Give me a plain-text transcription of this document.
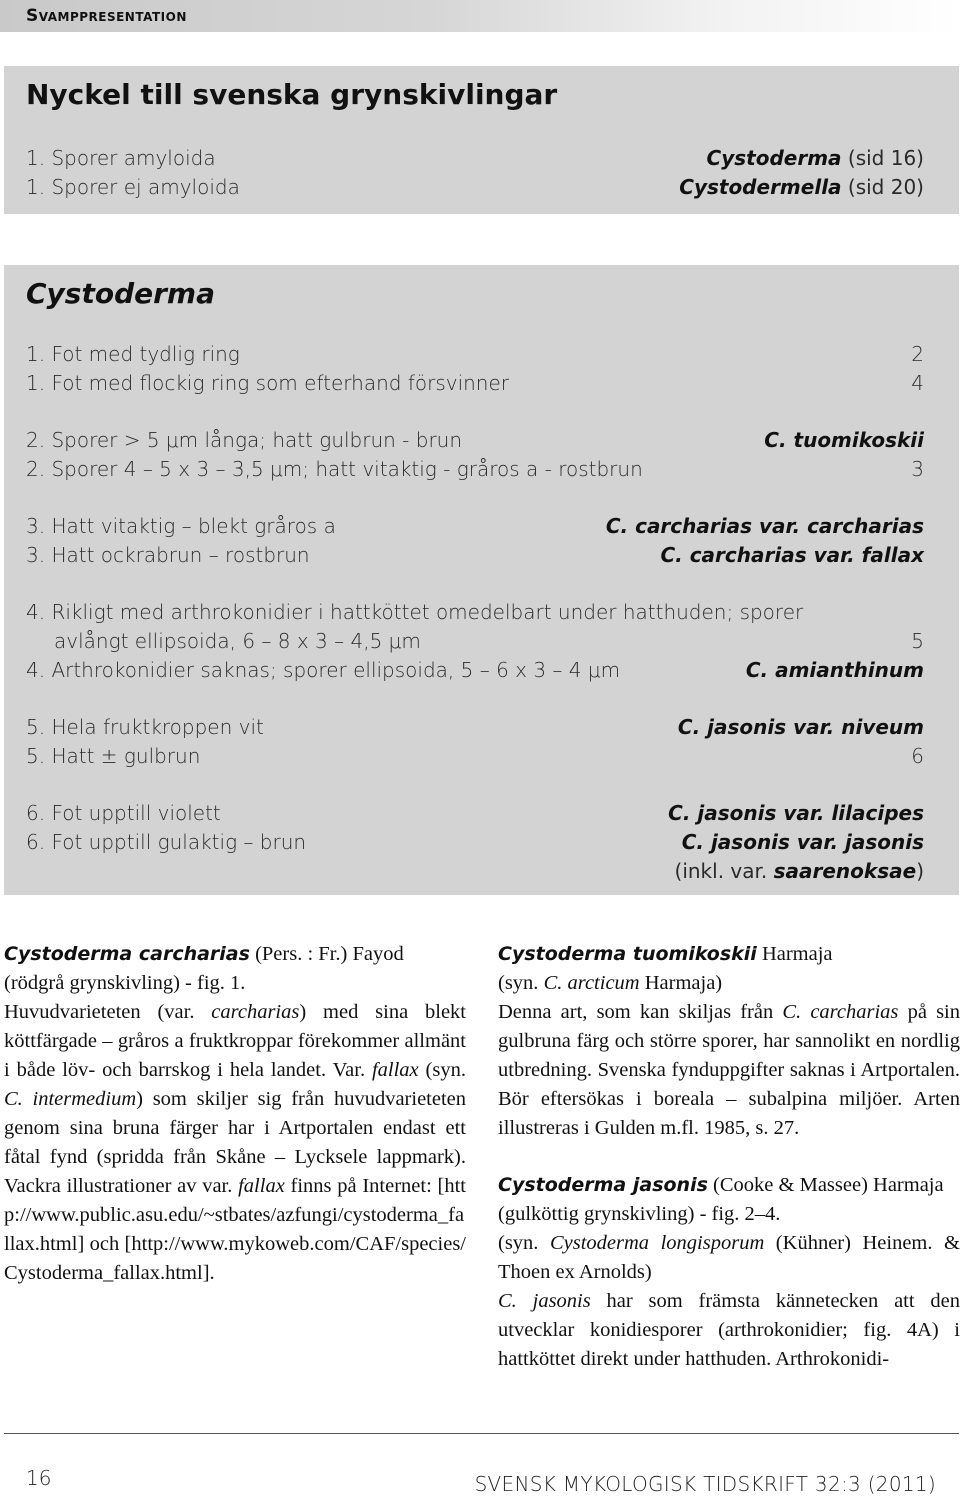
Svamppresentation
Nyckel till svenska grynskivlingar
1. Sporer amyloida	Cystoderma (sid 16)
1. Sporer ej amyloida	Cystodermella (sid 20)
Cystoderma
1. Fot med tydlig ring	2
1. Fot med flockig ring som efterhand försvinner	4
2. Sporer > 5 μm långa; hatt gulbrun - brun	C. tuomikoskii
2. Sporer 4 – 5 x 3 – 3,5 μm; hatt vitaktig - gråros a - rostbrun	3
3. Hatt vitaktig – blekt gråros a	C. carcharias var. carcharias
3. Hatt ockrabrun – rostbrun	C. carcharias var. fallax
4. Rikligt med arthrokonidier i hattköttet omedelbart under hatthuden; sporer
avlångt ellipsoida, 6 – 8 x 3 – 4,5 μm	5
4. Arthrokonidier saknas; sporer ellipsoida, 5 – 6 x 3 – 4 μm	C. amianthinum
5. Hela fruktkroppen vit	C. jasonis var. niveum
5. Hatt ± gulbrun	6
6. Fot upptill violett	C. jasonis var. lilacipes
6. Fot upptill gulaktig – brun	C. jasonis var. jasonis
(inkl. var. saarenoksae)

Cystoderma carcharias (Pers. : Fr.) Fayod

(rödgrå grynskivling) - fig. 1.

Huvudvarieteten (var. carcharias) med sina blekt köttfärgade – gråros a fruktkroppar förekommer allmänt i både löv- och barrskog i hela landet. Var. fallax (syn. C. intermedium) som skiljer sig från huvudvarieteten genom sina bruna färger har i Artportalen endast ett fåtal fynd (spridda från Skåne – Lycksele lappmark). Vackra illustrationer av var. fallax finns på Internet: [http://www.public.asu.edu/~stbates/azfungi/cystoderma_fallax.html] och [http://www.mykoweb.com/CAF/species/Cystoderma_fallax.html].

Cystoderma tuomikoskii Harmaja

(syn. C. arcticum Harmaja)

Denna art, som kan skiljas från C. carcharias på sin gulbruna färg och större sporer, har sannolikt en nordlig utbredning. Svenska fynduppgifter saknas i Artportalen. Bör eftersökas i boreala – subalpina miljöer. Arten illustreras i Gulden m.fl. 1985, s. 27.

Cystoderma jasonis (Cooke & Massee) Harmaja

(gulköttig grynskivling) - fig. 2–4.

(syn. Cystoderma longisporum (Kühner) Heinem. & Thoen ex Arnolds)

C. jasonis har som främsta kännetecken att den utvecklar konidiesporer (arthrokonidier; fig. 4A) i hattköttet direkt under hatthuden. Arthrokonidi-

16	SVENSK MYKOLOGISK TIDSKRIFT 32:3 (2011)
